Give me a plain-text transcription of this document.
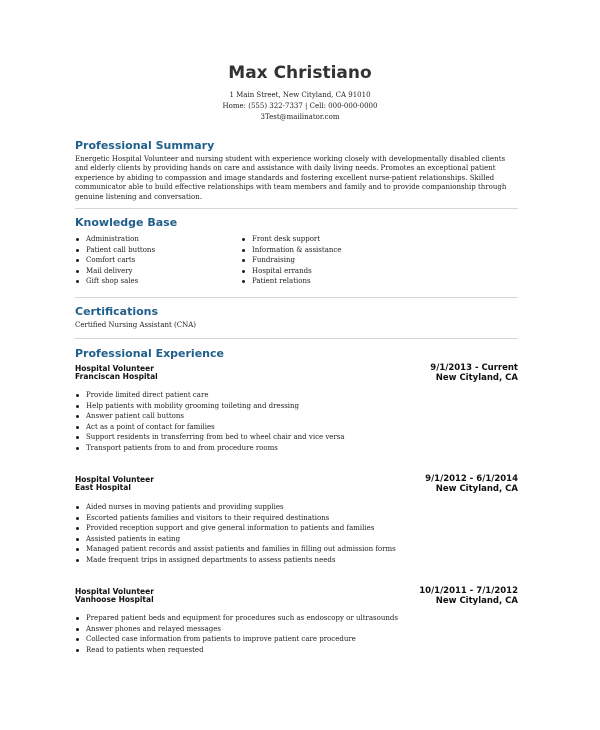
Max Christiano
1 Main Street, New Cityland, CA 91010
Home: (555) 322-7337 | Cell: 000-000-0000
3Test@mailinator.com
Professional Summary

Energetic Hospital Volunteer and nursing student with experience working closely with developmentally disabled clients and elderly clients by providing hands on care and assistance with daily living needs. Promotes an exceptional patient experience by abiding to compassion and image standards and fostering excellent nurse-patient relationships. Skilled communicator able to build effective relationships with team members and family and to provide companionship through genuine listening and conversation.

Knowledge Base
Administration
Patient call buttons
Comfort carts
Mail delivery
Gift shop sales
Front desk support
Information & assistance
Fundraising
Hospital errands
Patient relations
Certifications
Certified Nursing Assistant (CNA)
Professional Experience
Hospital Volunteer
Franciscan Hospital
9/1/2013 - Current
New Cityland, CA
Provide limited direct patient care
Help patients with mobility grooming toileting and dressing
Answer patient call buttons
Act as a point of contact for families
Support residents in transferring from bed to wheel chair and vice versa
Transport patients from to and from procedure rooms
Hospital Volunteer
East Hospital
9/1/2012 - 6/1/2014
New Cityland, CA
Aided nurses in moving patients and providing supplies
Escorted patients families and visitors to their required destinations
Provided reception support and give general information to patients and families
Assisted patients in eating
Managed patient records and assist patients and families in filling out admission forms
Made frequent trips in assigned departments to assess patients needs
Hospital Volunteer
Vanhoose Hospital
10/1/2011 - 7/1/2012
New Cityland, CA
Prepared patient beds and equipment for procedures such as endoscopy or ultrasounds
Answer phones and relayed messages
Collected case information from patients to improve patient care procedure
Read to patients when requested
